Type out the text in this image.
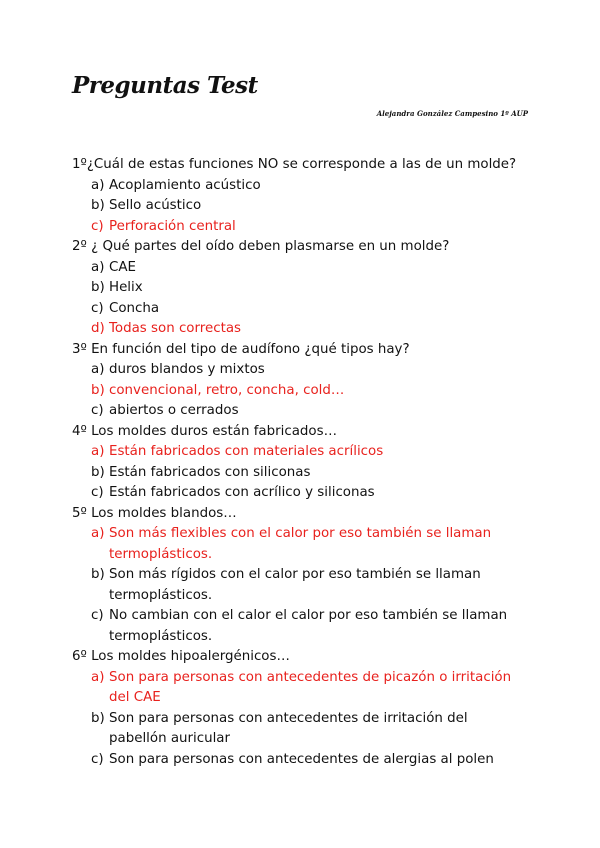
Preguntas Test
Alejandra González Campesino 1º AUP
1º¿Cuál de estas funciones NO se corresponde a las de un molde?
a) Acoplamiento acústico
b) Sello acústico
c) Perforación central
2º ¿ Qué partes del oído deben plasmarse en un molde?
a) CAE
b) Helix
c) Concha
d) Todas son correctas
3º En función del tipo de audífono ¿qué tipos hay?
a) duros blandos y mixtos
b) convencional, retro, concha, cold…
c) abiertos o cerrados
4º Los moldes duros están fabricados…
a) Están fabricados con materiales acrílicos
b) Están fabricados con siliconas
c) Están fabricados con acrílico y siliconas
5º Los moldes blandos…
a) Son más flexibles con el calor por eso también se llaman termoplásticos.
b) Son más rígidos con el calor por eso también se llaman termoplásticos.
c) No cambian con el calor el calor por eso también se llaman termoplásticos.
6º Los moldes hipoalergénicos…
a) Son para personas con antecedentes de picazón o irritación del CAE
b) Son para personas con antecedentes de irritación del pabellón auricular
c) Son para personas con antecedentes de alergias al polen
